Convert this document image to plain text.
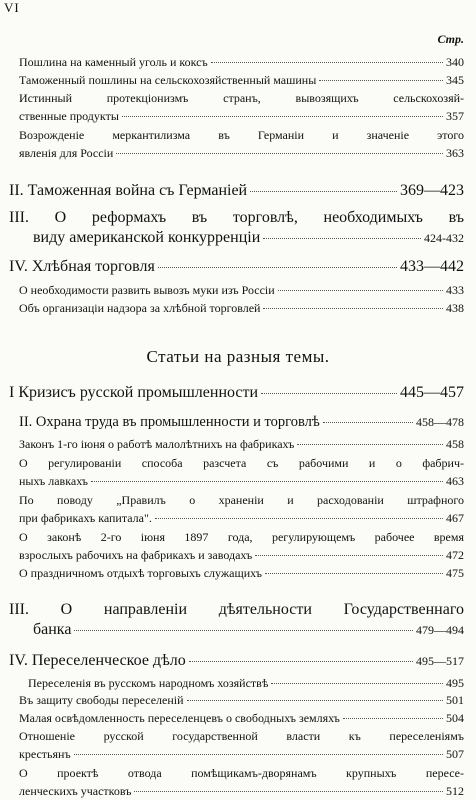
VI
Стр.
Пошлина на каменный уголь и коксъ	340
Таможенный пошлины на сельскохозяйственный машины	345
Истинный протекціонизмъ странъ, вывозящихъ сельскохозяй-
ственные продукты	357
Возрожденіе меркантилизма въ Германіи и значеніе этого
явленія для Россіи	363
II. Таможенная война съ Германіей	369—423
III. О реформахъ въ торговлѣ, необходимыхъ въ
виду американской конкурренціи	424-432
IV. Хлѣбная торговля	433—442
О необходимости развить вывозъ муки изъ Россіи	433
Объ организаціи надзора за хлѣбной торговлей	438
Статьи на разныя темы.
I Кризисъ русской промышленности	445—457
II. Охрана труда въ промышленности и торговлѣ	458—478
Законъ 1-го іюня о работѣ малолѣтнихъ на фабрикахъ	458
О регулированіи способа разсчета съ рабочими и о фабрич-
ныхъ лавкахъ	463
По поводу „Правилъ о храненіи и расходованіи штрафного
при фабрикахъ капитала".	467
О законѣ 2-го іюня 1897 года, регулирующемъ рабочее время
взрослыхъ рабочихъ на фабрикахъ и заводахъ	472
О праздничномъ отдыхѣ торговыхъ служащихъ	475
III. О направленіи дѣятельности Государственнаго
банка	479—494
IV. Переселенческое дѣло	495—517
Переселенія въ русскомъ народномъ хозяйствѣ	495
Въ защиту свободы переселеній	501
Малая освѣдомленность переселенцевъ о свободныхъ земляхъ	504
Отношеніе русской государственной власти къ переселеніямъ
крестьянъ	507
О проектѣ отвода помѣщикамъ-дворянамъ крупныхъ пересе-
ленческихъ участковъ	512
